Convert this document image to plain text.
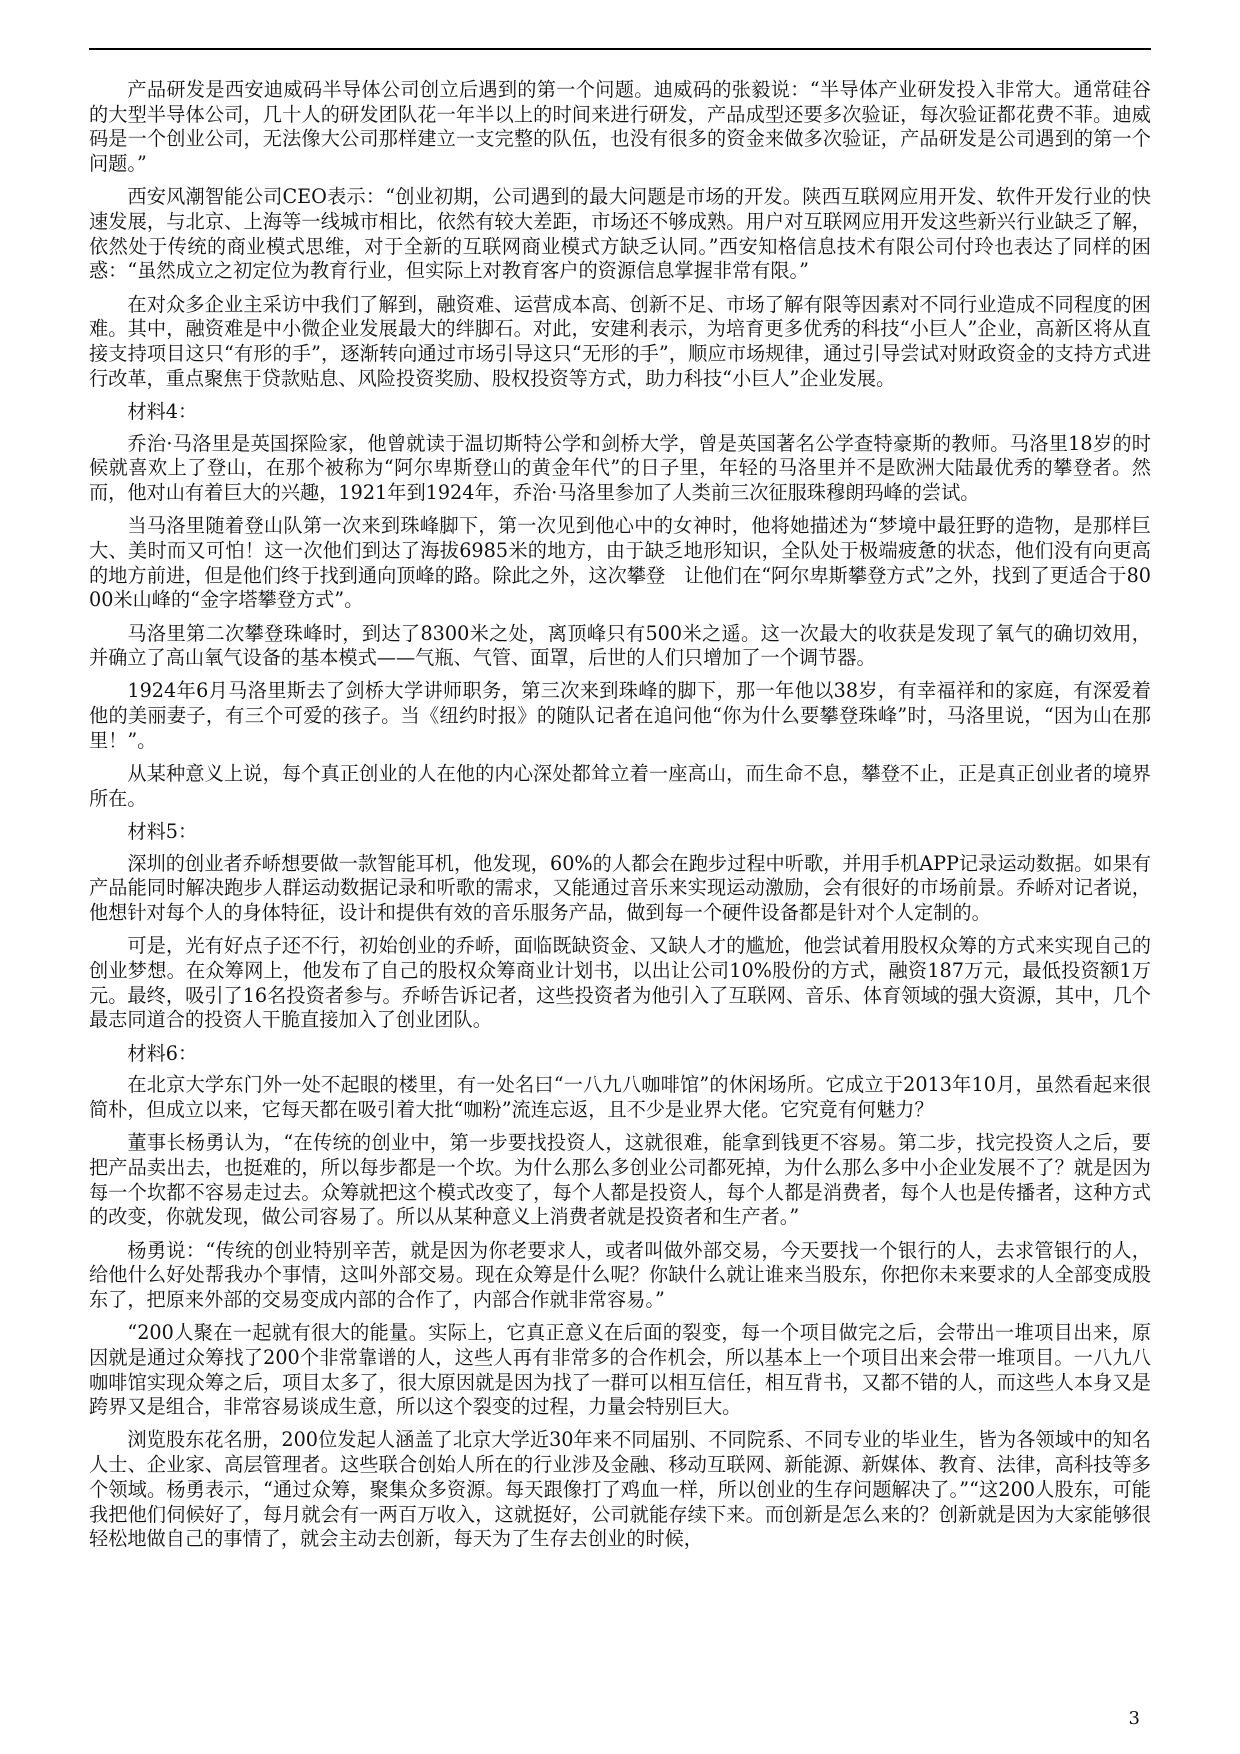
产品研发是西安迪威码半导体公司创立后遇到的第一个问题。迪威码的张毅说：“半导体产业研发投入非常大。通常硅谷的大型半导体公司，几十人的研发团队花一年半以上的时间来进行研发，产品成型还要多次验证，每次验证都花费不菲。迪威码是一个创业公司，无法像大公司那样建立一支完整的队伍，也没有很多的资金来做多次验证，产品研发是公司遇到的第一个问题。”

西安风潮智能公司CEO表示：“创业初期，公司遇到的最大问题是市场的开发。陕西互联网应用开发、软件开发行业的快速发展，与北京、上海等一线城市相比，依然有较大差距，市场还不够成熟。用户对互联网应用开发这些新兴行业缺乏了解，依然处于传统的商业模式思维，对于全新的互联网商业模式方缺乏认同。”西安知格信息技术有限公司付玲也表达了同样的困惑：“虽然成立之初定位为教育行业，但实际上对教育客户的资源信息掌握非常有限。”

在对众多企业主采访中我们了解到，融资难、运营成本高、创新不足、市场了解有限等因素对不同行业造成不同程度的困难。其中，融资难是中小微企业发展最大的绊脚石。对此，安建利表示，为培育更多优秀的科技“小巨人”企业，高新区将从直接支持项目这只“有形的手”，逐渐转向通过市场引导这只“无形的手”，顺应市场规律，通过引导尝试对财政资金的支持方式进行改革，重点聚焦于贷款贴息、风险投资奖励、股权投资等方式，助力科技“小巨人”企业发展。

材料4：

乔治·马洛里是英国探险家，他曾就读于温切斯特公学和剑桥大学，曾是英国著名公学查特豪斯的教师。马洛里18岁的时候就喜欢上了登山，在那个被称为“阿尔卑斯登山的黄金年代”的日子里，年轻的马洛里并不是欧洲大陆最优秀的攀登者。然而，他对山有着巨大的兴趣，1921年到1924年，乔治·马洛里参加了人类前三次征服珠穆朗玛峰的尝试。

当马洛里随着登山队第一次来到珠峰脚下，第一次见到他心中的女神时，他将她描述为“梦境中最狂野的造物，是那样巨大、美时而又可怕！这一次他们到达了海拔6985米的地方，由于缺乏地形知识，全队处于极端疲惫的状态，他们没有向更高的地方前进，但是他们终于找到通向顶峰的路。除此之外，这次攀登　让他们在“阿尔卑斯攀登方式”之外，找到了更适合于8000米山峰的“金字塔攀登方式”。

马洛里第二次攀登珠峰时，到达了8300米之处，离顶峰只有500米之遥。这一次最大的收获是发现了氧气的确切效用，并确立了高山氧气设备的基本模式——气瓶、气管、面罩，后世的人们只增加了一个调节器。

1924年6月马洛里斯去了剑桥大学讲师职务，第三次来到珠峰的脚下，那一年他以38岁，有幸福祥和的家庭，有深爱着他的美丽妻子，有三个可爱的孩子。当《纽约时报》的随队记者在追问他“你为什么要攀登珠峰”时，马洛里说，“因为山在那里！”。

从某种意义上说，每个真正创业的人在他的内心深处都耸立着一座高山，而生命不息，攀登不止，正是真正创业者的境界所在。

材料5：

深圳的创业者乔峤想要做一款智能耳机，他发现，60%的人都会在跑步过程中听歌，并用手机APP记录运动数据。如果有产品能同时解决跑步人群运动数据记录和听歌的需求，又能通过音乐来实现运动激励，会有很好的市场前景。乔峤对记者说，他想针对每个人的身体特征，设计和提供有效的音乐服务产品，做到每一个硬件设备都是针对个人定制的。

可是，光有好点子还不行，初始创业的乔峤，面临既缺资金、又缺人才的尴尬，他尝试着用股权众筹的方式来实现自己的创业梦想。在众筹网上，他发布了自己的股权众筹商业计划书，以出让公司10%股份的方式，融资187万元，最低投资额1万元。最终，吸引了16名投资者参与。乔峤告诉记者，这些投资者为他引入了互联网、音乐、体育领域的强大资源，其中，几个最志同道合的投资人干脆直接加入了创业团队。

材料6：

在北京大学东门外一处不起眼的楼里，有一处名曰“一八九八咖啡馆”的休闲场所。它成立于2013年10月，虽然看起来很简朴，但成立以来，它每天都在吸引着大批“咖粉”流连忘返，且不少是业界大佬。它究竟有何魅力？

董事长杨勇认为，“在传统的创业中，第一步要找投资人，这就很难，能拿到钱更不容易。第二步，找完投资人之后，要把产品卖出去，也挺难的，所以每步都是一个坎。为什么那么多创业公司都死掉，为什么那么多中小企业发展不了？就是因为每一个坎都不容易走过去。众筹就把这个模式改变了，每个人都是投资人，每个人都是消费者，每个人也是传播者，这种方式的改变，你就发现，做公司容易了。所以从某种意义上消费者就是投资者和生产者。”

杨勇说：“传统的创业特别辛苦，就是因为你老要求人，或者叫做外部交易，今天要找一个银行的人，去求管银行的人，给他什么好处帮我办个事情，这叫外部交易。现在众筹是什么呢？你缺什么就让谁来当股东，你把你未来要求的人全部变成股东了，把原来外部的交易变成内部的合作了，内部合作就非常容易。”

“200人聚在一起就有很大的能量。实际上，它真正意义在后面的裂变，每一个项目做完之后，会带出一堆项目出来，原因就是通过众筹找了200个非常靠谱的人，这些人再有非常多的合作机会，所以基本上一个项目出来会带一堆项目。一八九八咖啡馆实现众筹之后，项目太多了，很大原因就是因为找了一群可以相互信任，相互背书，又都不错的人，而这些人本身又是跨界又是组合，非常容易谈成生意，所以这个裂变的过程，力量会特别巨大。

浏览股东花名册，200位发起人涵盖了北京大学近30年来不同届别、不同院系、不同专业的毕业生，皆为各领域中的知名人士、企业家、高层管理者。这些联合创始人所在的行业涉及金融、移动互联网、新能源、新媒体、教育、法律，高科技等多个领域。杨勇表示，“通过众筹，聚集众多资源。每天跟像打了鸡血一样，所以创业的生存问题解决了。”“这200人股东，可能我把他们伺候好了，每月就会有一两百万收入，这就挺好，公司就能存续下来。而创新是怎么来的？创新就是因为大家能够很轻松地做自己的事情了，就会主动去创新，每天为了生存去创业的时候，

3
